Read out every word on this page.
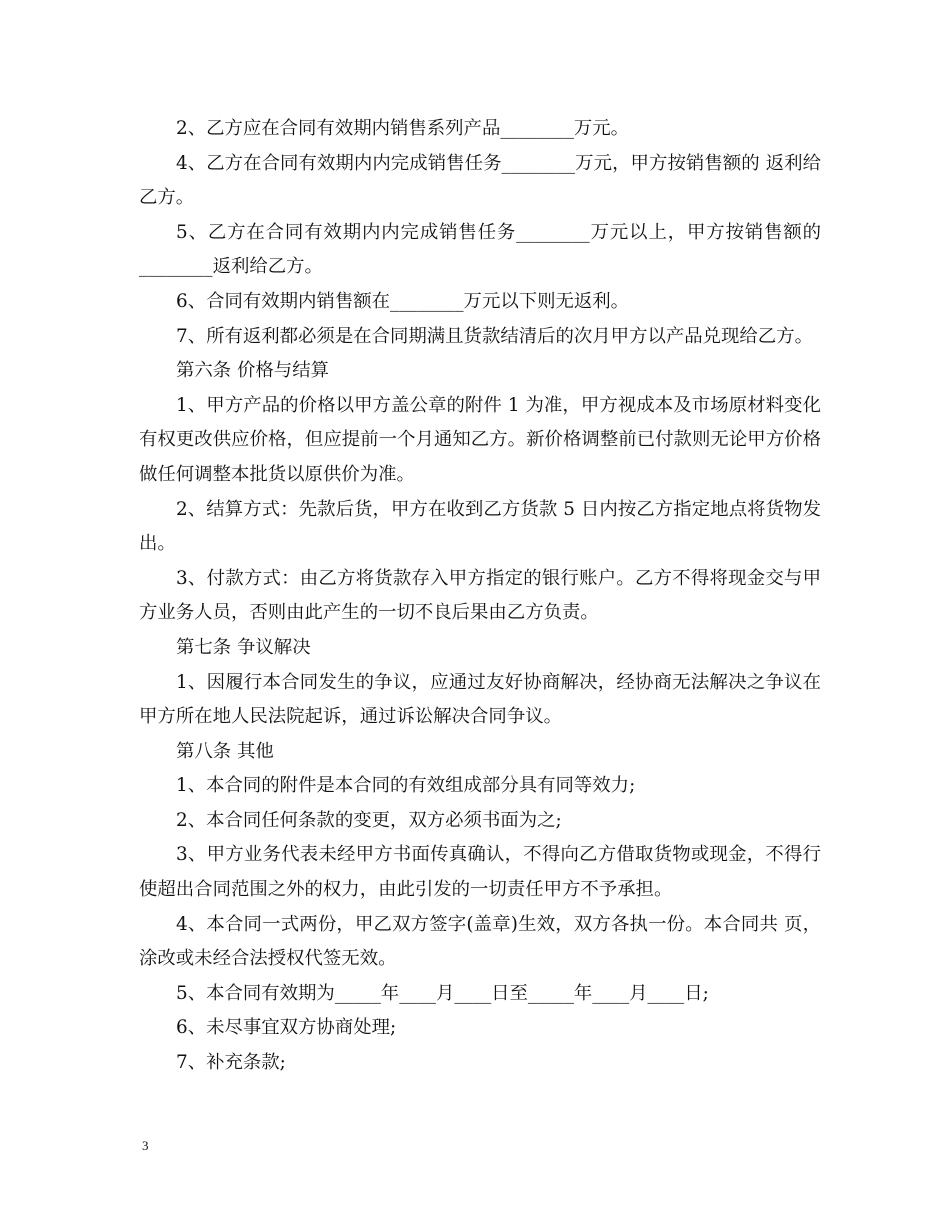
2、乙方应在合同有效期内销售系列产品________万元。

4、乙方在合同有效期内内完成销售任务________万元，甲方按销售额的 返利给乙方。

5、乙方在合同有效期内内完成销售任务________万元以上，甲方按销售额的________返利给乙方。

6、合同有效期内销售额在________万元以下则无返利。

7、所有返利都必须是在合同期满且货款结清后的次月甲方以产品兑现给乙方。

第六条 价格与结算

1、甲方产品的价格以甲方盖公章的附件 1 为准，甲方视成本及市场原材料变化有权更改供应价格，但应提前一个月通知乙方。新价格调整前已付款则无论甲方价格做任何调整本批货以原供价为准。

2、结算方式：先款后货，甲方在收到乙方货款 5 日内按乙方指定地点将货物发出。

3、付款方式：由乙方将货款存入甲方指定的银行账户。乙方不得将现金交与甲方业务人员，否则由此产生的一切不良后果由乙方负责。

第七条 争议解决

1、因履行本合同发生的争议，应通过友好协商解决，经协商无法解决之争议在甲方所在地人民法院起诉，通过诉讼解决合同争议。

第八条 其他

1、本合同的附件是本合同的有效组成部分具有同等效力;

2、本合同任何条款的变更，双方必须书面为之;

3、甲方业务代表未经甲方书面传真确认，不得向乙方借取货物或现金，不得行使超出合同范围之外的权力，由此引发的一切责任甲方不予承担。

4、本合同一式两份，甲乙双方签字(盖章)生效，双方各执一份。本合同共 页，涂改或未经合法授权代签无效。

5、本合同有效期为_____年____月____日至_____年____月____日;

6、未尽事宜双方协商处理;

7、补充条款;

3
